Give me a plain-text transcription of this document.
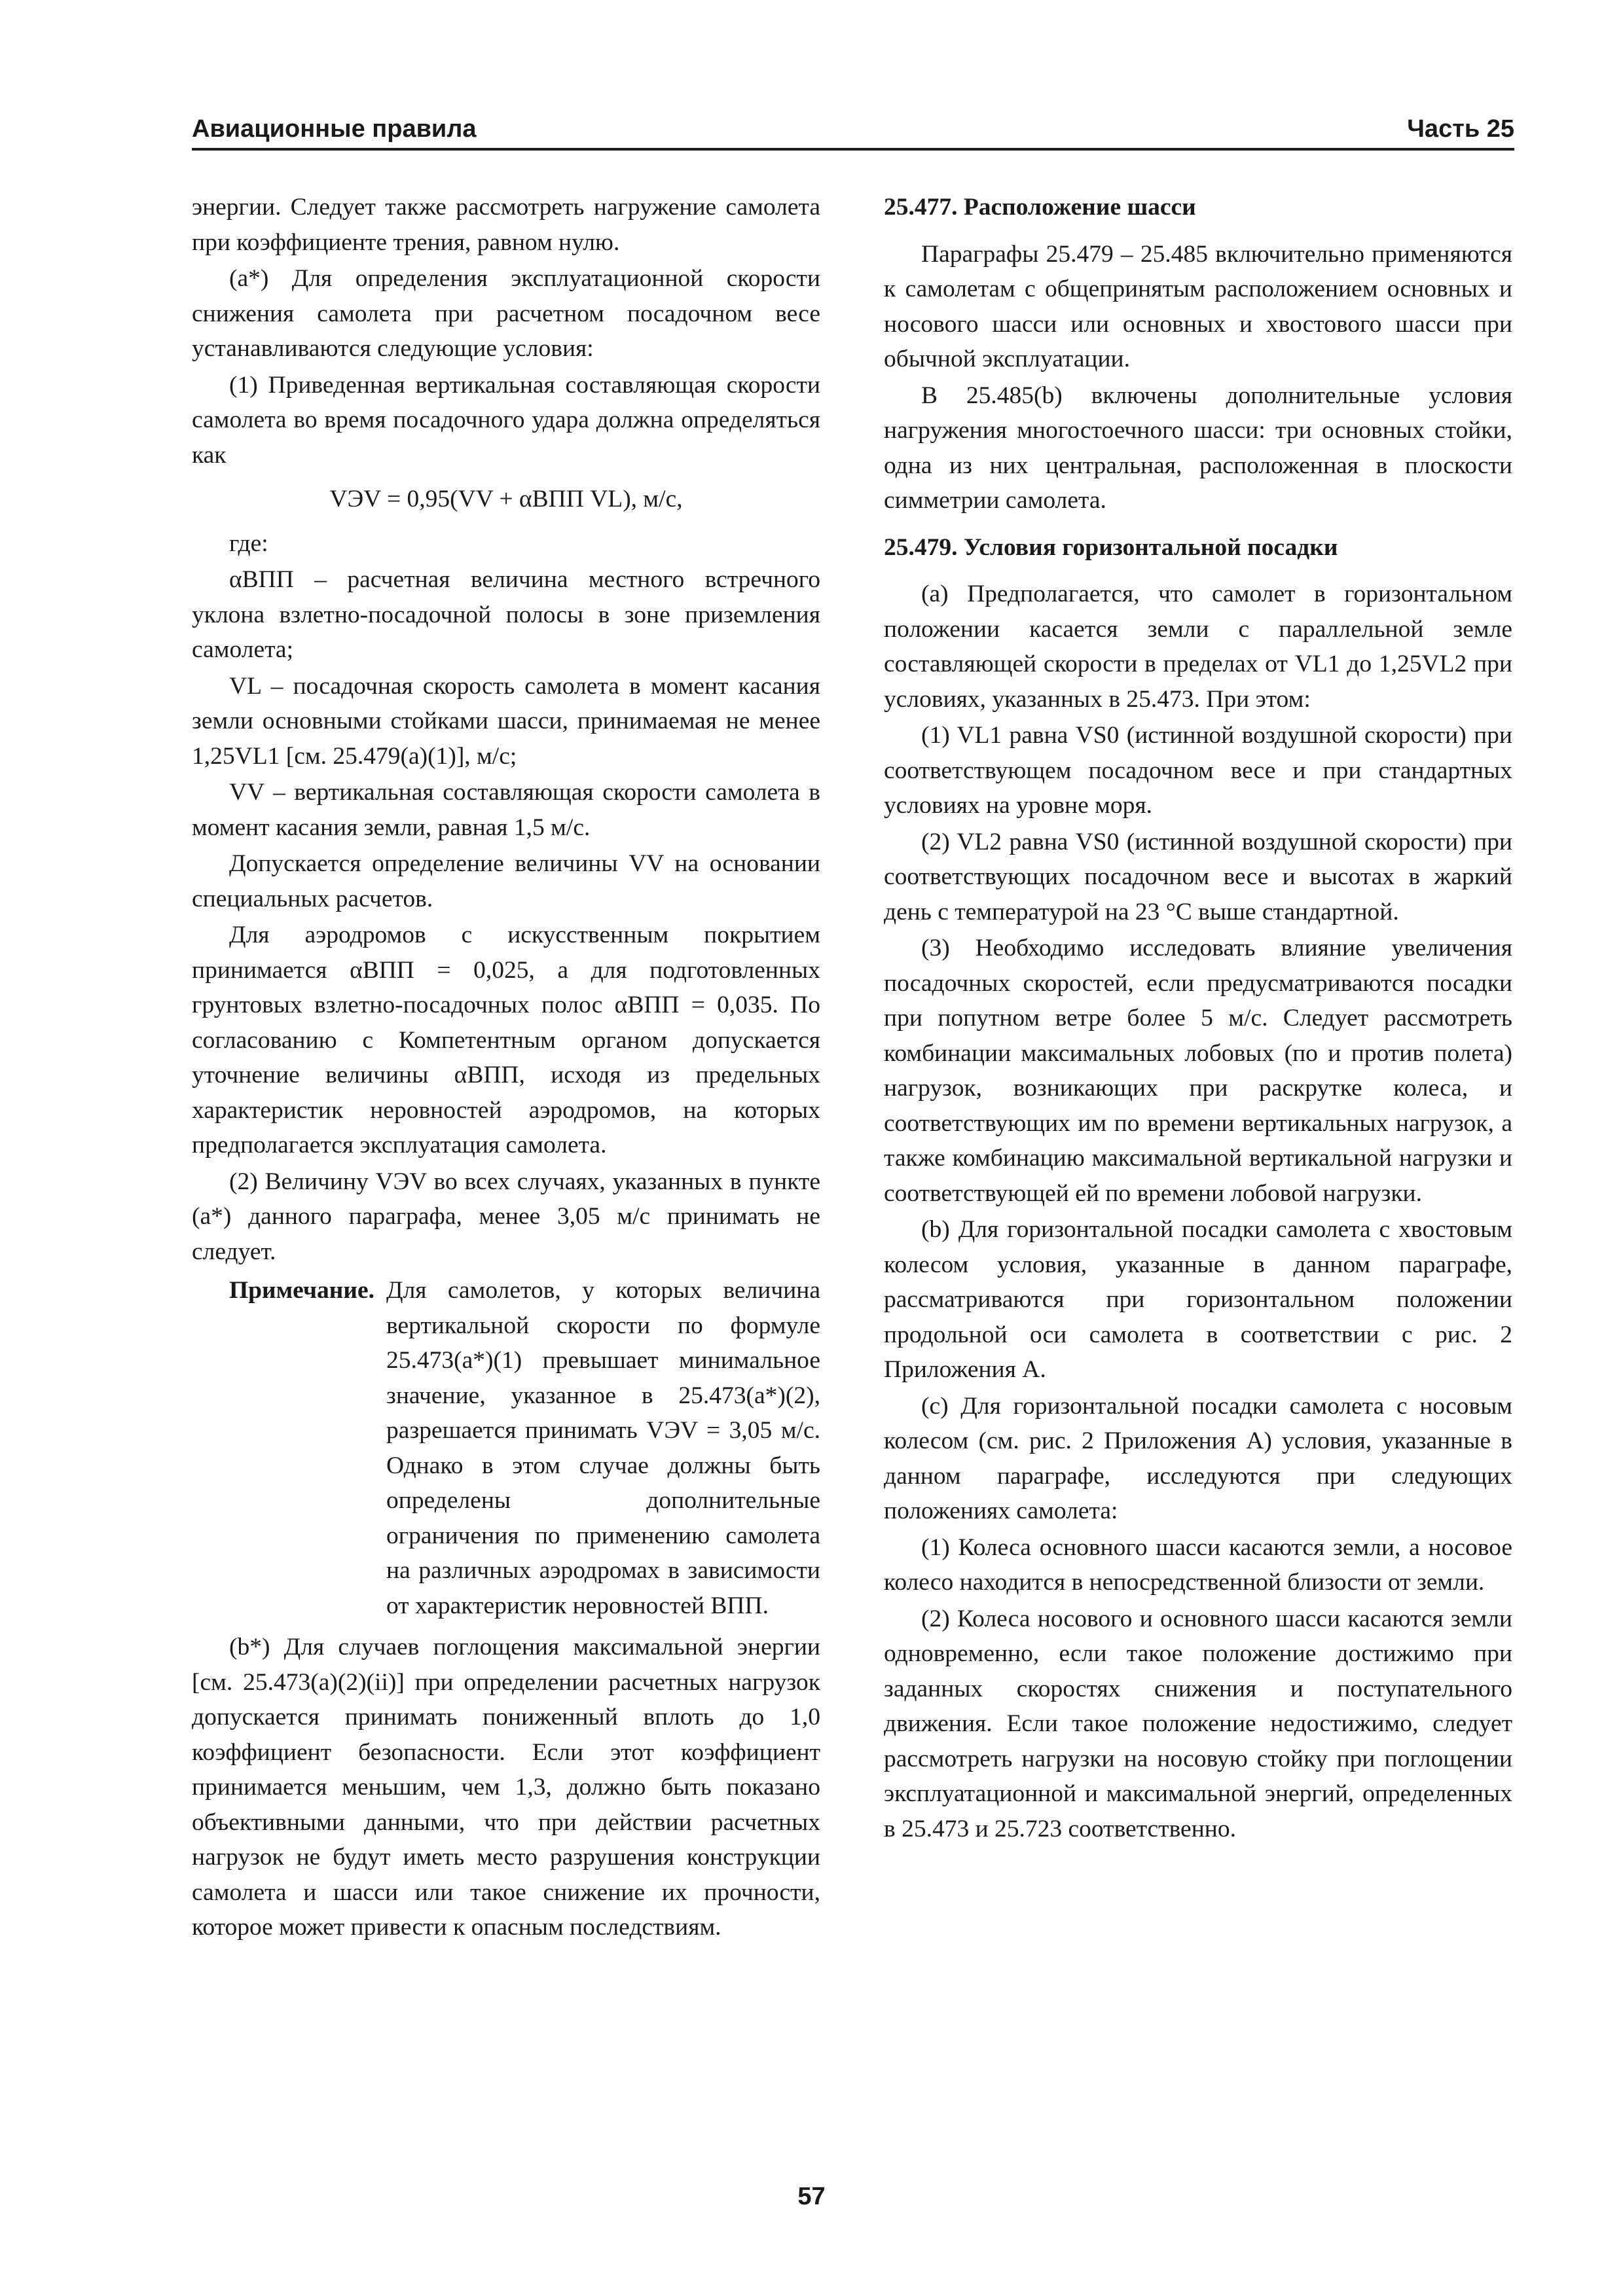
Авиационные правила	Часть 25

энергии. Следует также рассмотреть нагружение самолета при коэффициенте трения, равном нулю.

(a*) Для определения эксплуатационной скорости снижения самолета при расчетном посадочном весе устанавливаются следующие условия:

(1) Приведенная вертикальная составляющая скорости самолета во время посадочного удара должна определяться как

VЭV = 0,95(VV + αВПП VL), м/с,

где:

αВПП – расчетная величина местного встречного уклона взлетно-посадочной полосы в зоне приземления самолета;

VL – посадочная скорость самолета в момент касания земли основными стойками шасси, принимаемая не менее 1,25VL1 [см. 25.479(a)(1)], м/с;

VV – вертикальная составляющая скорости самолета в момент касания земли, равная 1,5 м/с.

Допускается определение величины VV на основании специальных расчетов.

Для аэродромов с искусственным покрытием принимается αВПП = 0,025, а для подготовленных грунтовых взлетно-посадочных полос αВПП = 0,035. По согласованию с Компетентным органом допускается уточнение величины αВПП, исходя из предельных характеристик неровностей аэродромов, на которых предполагается эксплуатация самолета.

(2) Величину VЭV во всех случаях, указанных в пункте (a*) данного параграфа, менее 3,05 м/с принимать не следует.

Примечание. Для самолетов, у которых величина вертикальной скорости по формуле 25.473(a*)(1) превышает минимальное значение, указанное в 25.473(a*)(2), разрешается принимать VЭV = 3,05 м/с. Однако в этом случае должны быть определены дополнительные ограничения по применению самолета на различных аэродромах в зависимости от характеристик неровностей ВПП.

(b*) Для случаев поглощения максимальной энергии [см. 25.473(a)(2)(ii)] при определении расчетных нагрузок допускается принимать пониженный вплоть до 1,0 коэффициент безопасности. Если этот коэффициент принимается меньшим, чем 1,3, должно быть показано объективными данными, что при действии расчетных нагрузок не будут иметь место разрушения конструкции самолета и шасси или такое снижение их прочности, которое может привести к опасным последствиям.

25.477. Расположение шасси

Параграфы 25.479 – 25.485 включительно применяются к самолетам с общепринятым расположением основных и носового шасси или основных и хвостового шасси при обычной эксплуатации.

В 25.485(b) включены дополнительные условия нагружения многостоечного шасси: три основных стойки, одна из них центральная, расположенная в плоскости симметрии самолета.

25.479. Условия горизонтальной посадки

(a) Предполагается, что самолет в горизонтальном положении касается земли с параллельной земле составляющей скорости в пределах от VL1 до 1,25VL2 при условиях, указанных в 25.473. При этом:

(1) VL1 равна VS0 (истинной воздушной скорости) при соответствующем посадочном весе и при стандартных условиях на уровне моря.

(2) VL2 равна VS0 (истинной воздушной скорости) при соответствующих посадочном весе и высотах в жаркий день с температурой на 23 °C выше стандартной.

(3) Необходимо исследовать влияние увеличения посадочных скоростей, если предусматриваются посадки при попутном ветре более 5 м/с. Следует рассмотреть комбинации максимальных лобовых (по и против полета) нагрузок, возникающих при раскрутке колеса, и соответствующих им по времени вертикальных нагрузок, а также комбинацию максимальной вертикальной нагрузки и соответствующей ей по времени лобовой нагрузки.

(b) Для горизонтальной посадки самолета с хвостовым колесом условия, указанные в данном параграфе, рассматриваются при горизонтальном положении продольной оси самолета в соответствии с рис. 2 Приложения A.

(c) Для горизонтальной посадки самолета с носовым колесом (см. рис. 2 Приложения A) условия, указанные в данном параграфе, исследуются при следующих положениях самолета:

(1) Колеса основного шасси касаются земли, а носовое колесо находится в непосредственной близости от земли.

(2) Колеса носового и основного шасси касаются земли одновременно, если такое положение достижимо при заданных скоростях снижения и поступательного движения. Если такое положение недостижимо, следует рассмотреть нагрузки на носовую стойку при поглощении эксплуатационной и максимальной энергий, определенных в 25.473 и 25.723 соответственно.

57
